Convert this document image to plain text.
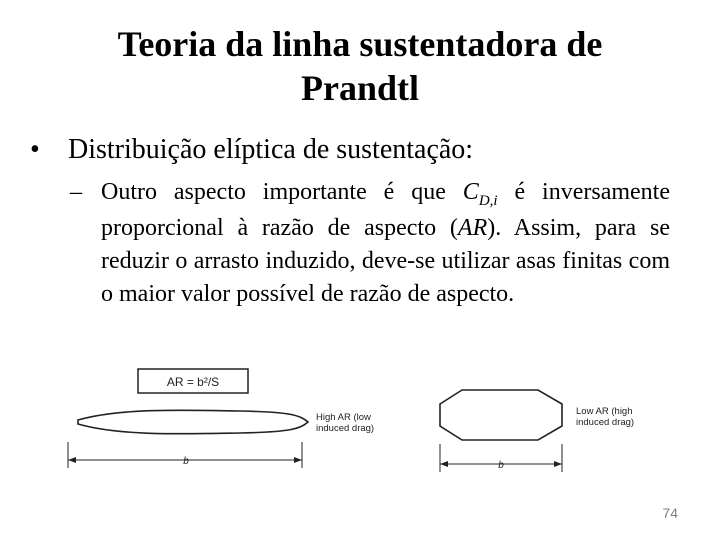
Teoria da linha sustentadora de
Prandtl
• Distribuição elíptica de sustentação:
– Outro aspecto importante é que $C_{D,i}$ é inversamente proporcional à razão de aspecto (AR). Assim, para se reduzir o arrasto induzido, deve-se utilizar asas finitas com o maior valor possível de razão de aspecto.
AR = b²/S
b
High AR (low
induced drag)
b
Low AR (high
induced drag)
74
